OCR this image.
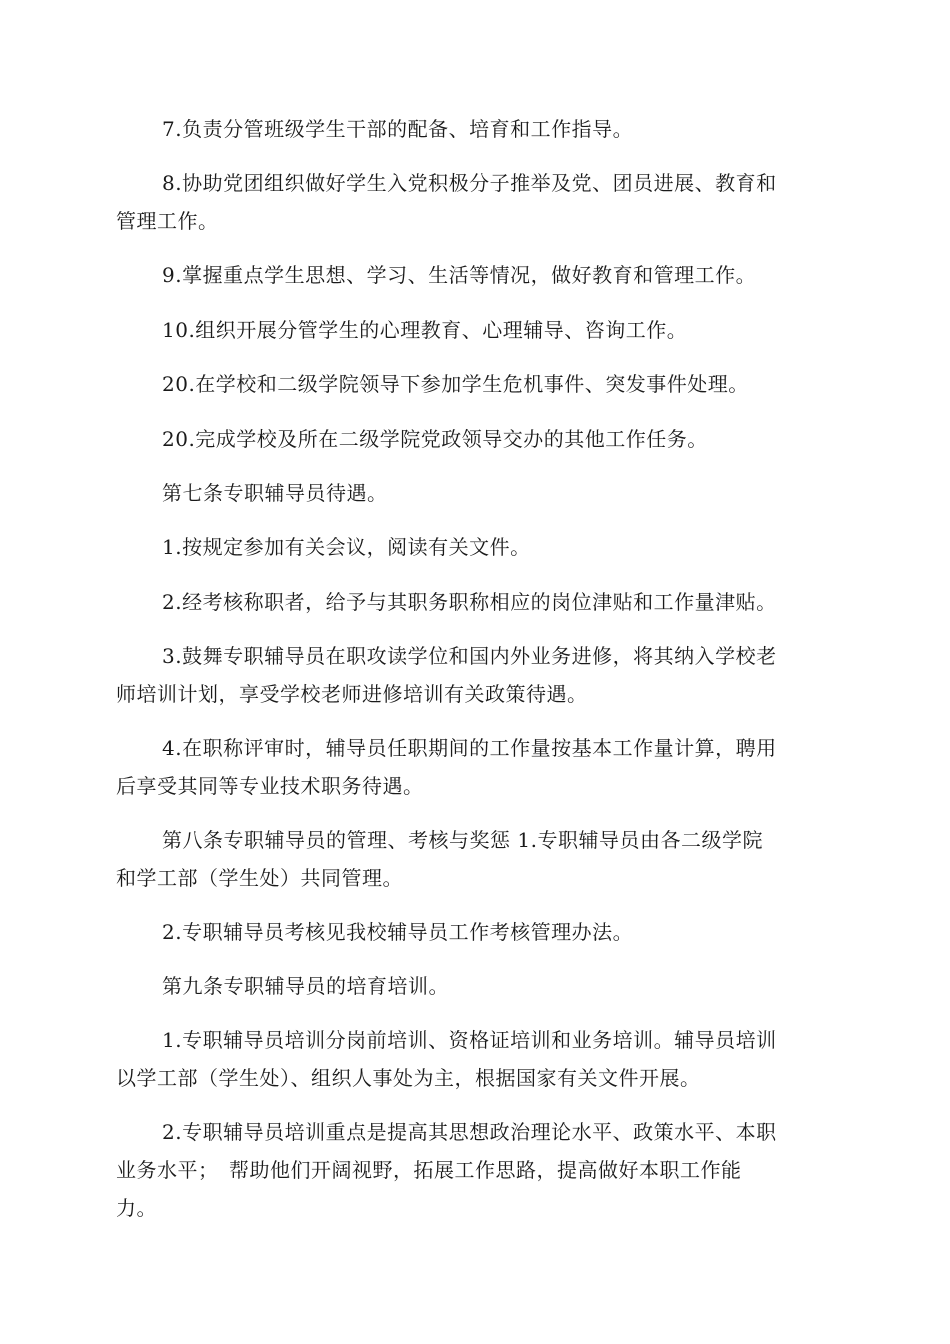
7.负责分管班级学生干部的配备、培育和工作指导。

8.协助党团组织做好学生入党积极分子推举及党、团员进展、教育和
管理工作。

9.掌握重点学生思想、学习、生活等情况，做好教育和管理工作。

10.组织开展分管学生的心理教育、心理辅导、咨询工作。

20.在学校和二级学院领导下参加学生危机事件、突发事件处理。

20.完成学校及所在二级学院党政领导交办的其他工作任务。

第七条专职辅导员待遇。

1.按规定参加有关会议，阅读有关文件。

2.经考核称职者，给予与其职务职称相应的岗位津贴和工作量津贴。

3.鼓舞专职辅导员在职攻读学位和国内外业务进修，将其纳入学校老
师培训计划，享受学校老师进修培训有关政策待遇。

4.在职称评审时，辅导员任职期间的工作量按基本工作量计算，聘用
后享受其同等专业技术职务待遇。

第八条专职辅导员的管理、考核与奖惩 1.专职辅导员由各二级学院
和学工部（学生处）共同管理。

2.专职辅导员考核见我校辅导员工作考核管理办法。

第九条专职辅导员的培育培训。

1.专职辅导员培训分岗前培训、资格证培训和业务培训。辅导员培训
以学工部（学生处）、组织人事处为主，根据国家有关文件开展。

2.专职辅导员培训重点是提高其思想政治理论水平、政策水平、本职
业务水平；　帮助他们开阔视野，拓展工作思路，提高做好本职工作能
力。
